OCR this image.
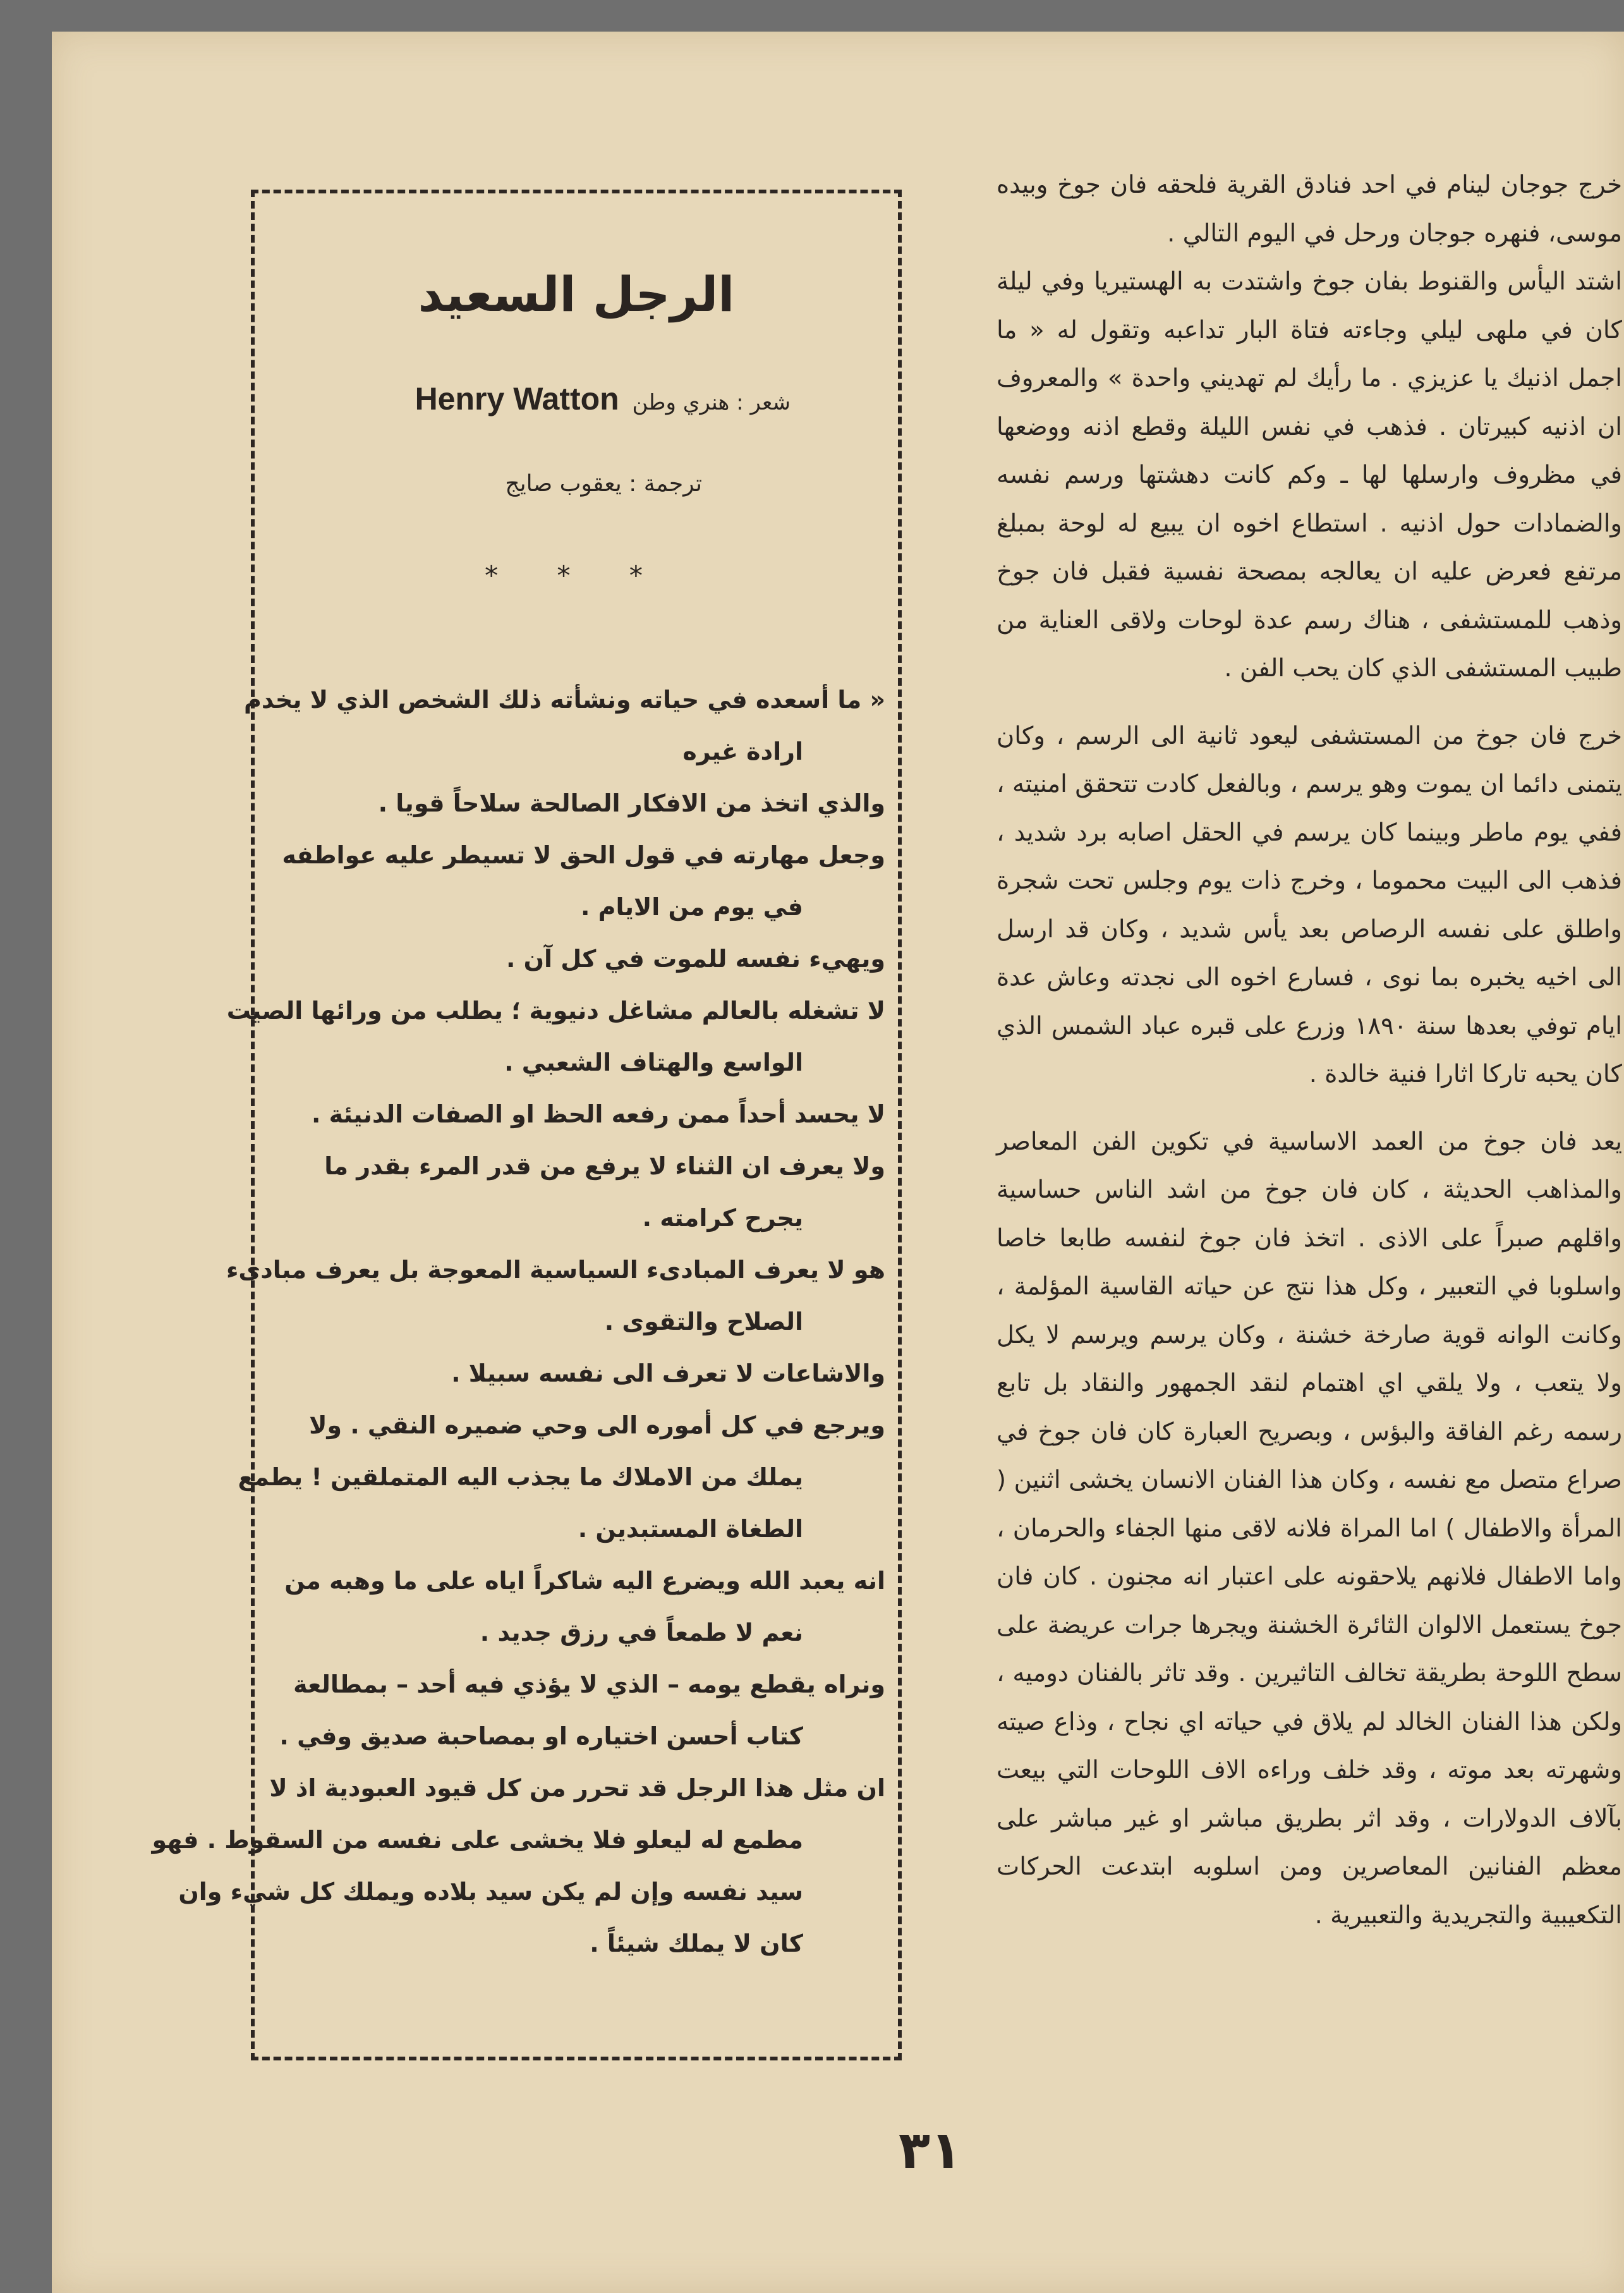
خرج جوجان لينام في احد فنادق القرية فلحقه فان جوخ وبيده موسى، فنهره جوجان ورحل في اليوم التالي .

اشتد اليأس والقنوط بفان جوخ واشتدت به الهستيريا وفي ليلة كان في ملهى ليلي وجاءته فتاة البار تداعبه وتقول له « ما اجمل اذنيك يا عزيزي . ما رأيك لم تهديني واحدة » والمعروف ان اذنيه كبيرتان . فذهب في نفس الليلة وقطع اذنه ووضعها في مظروف وارسلها لها ـ وكم كانت دهشتها ورسم نفسه والضمادات حول اذنيه . استطاع اخوه ان يبيع له لوحة بمبلغ مرتفع فعرض عليه ان يعالجه بمصحة نفسية فقبل فان جوخ وذهب للمستشفى ، هناك رسم عدة لوحات ولاقى العناية من طبيب المستشفى الذي كان يحب الفن .

خرج فان جوخ من المستشفى ليعود ثانية الى الرسم ، وكان يتمنى دائما ان يموت وهو يرسم ، وبالفعل كادت تتحقق امنيته ، ففي يوم ماطر وبينما كان يرسم في الحقل اصابه برد شديد ، فذهب الى البيت محموما ، وخرج ذات يوم وجلس تحت شجرة واطلق على نفسه الرصاص بعد يأس شديد ، وكان قد ارسل الى اخيه يخبره بما نوى ، فسارع اخوه الى نجدته وعاش عدة ايام توفي بعدها سنة ١٨٩٠ وزرع على قبره عباد الشمس الذي كان يحبه تاركا اثارا فنية خالدة .

يعد فان جوخ من العمد الاساسية في تكوين الفن المعاصر والمذاهب الحديثة ، كان فان جوخ من اشد الناس حساسية واقلهم صبراً على الاذى . اتخذ فان جوخ لنفسه طابعا خاصا واسلوبا في التعبير ، وكل هذا نتج عن حياته القاسية المؤلمة ، وكانت الوانه قوية صارخة خشنة ، وكان يرسم ويرسم لا يكل ولا يتعب ، ولا يلقي اي اهتمام لنقد الجمهور والنقاد بل تابع رسمه رغم الفاقة والبؤس ، وبصريح العبارة كان فان جوخ في صراع متصل مع نفسه ، وكان هذا الفنان الانسان يخشى اثنين ( المرأة والاطفال ) اما المراة فلانه لاقى منها الجفاء والحرمان ، واما الاطفال فلانهم يلاحقونه على اعتبار انه مجنون . كان فان جوخ يستعمل الالوان الثائرة الخشنة ويجرها جرات عريضة على سطح اللوحة بطريقة تخالف التاثيرين . وقد تاثر بالفنان دوميه ، ولكن هذا الفنان الخالد لم يلاق في حياته اي نجاح ، وذاع صيته وشهرته بعد موته ، وقد خلف وراءه الاف اللوحات التي بيعت بآلاف الدولارات ، وقد اثر بطريق مباشر او غير مباشر على معظم الفنانين المعاصرين ومن اسلوبه ابتدعت الحركات التكعيبية والتجريدية والتعبيرية .

الرجل السعيد
شعر : هنري وطن Henry Watton
ترجمة : يعقوب صايج
* * *
« ما أسعده في حياته ونشأته ذلك الشخص الذي لا يخدم
ارادة غيره
والذي اتخذ من الافكار الصالحة سلاحاً قويا .
وجعل مهارته في قول الحق لا تسيطر عليه عواطفه
في يوم من الايام .
ويهيء نفسه للموت في كل آن .
لا تشغله بالعالم مشاغل دنيوية ؛ يطلب من ورائها الصيت
الواسع والهتاف الشعبي .
لا يحسد أحداً ممن رفعه الحظ او الصفات الدنيئة .
ولا يعرف ان الثناء لا يرفع من قدر المرء بقدر ما
يجرح كرامته .
هو لا يعرف المبادىء السياسية المعوجة بل يعرف مبادىء
الصلاح والتقوى .
والاشاعات لا تعرف الى نفسه سبيلا .
ويرجع في كل أموره الى وحي ضميره النقي . ولا
يملك من الاملاك ما يجذب اليه المتملقين ! يطمع
الطغاة المستبدين .
انه يعبد الله ويضرع اليه شاكراً اياه على ما وهبه من
نعم لا طمعاً في رزق جديد .
ونراه يقطع يومه – الذي لا يؤذي فيه أحد – بمطالعة
كتاب أحسن اختياره او بمصاحبة صديق وفي .
ان مثل هذا الرجل قد تحرر من كل قيود العبودية اذ لا
مطمع له ليعلو فلا يخشى على نفسه من السقوط . فهو
سيد نفسه وإن لم يكن سيد بلاده ويملك كل شيء وان
كان لا يملك شيئاً .
٣١
